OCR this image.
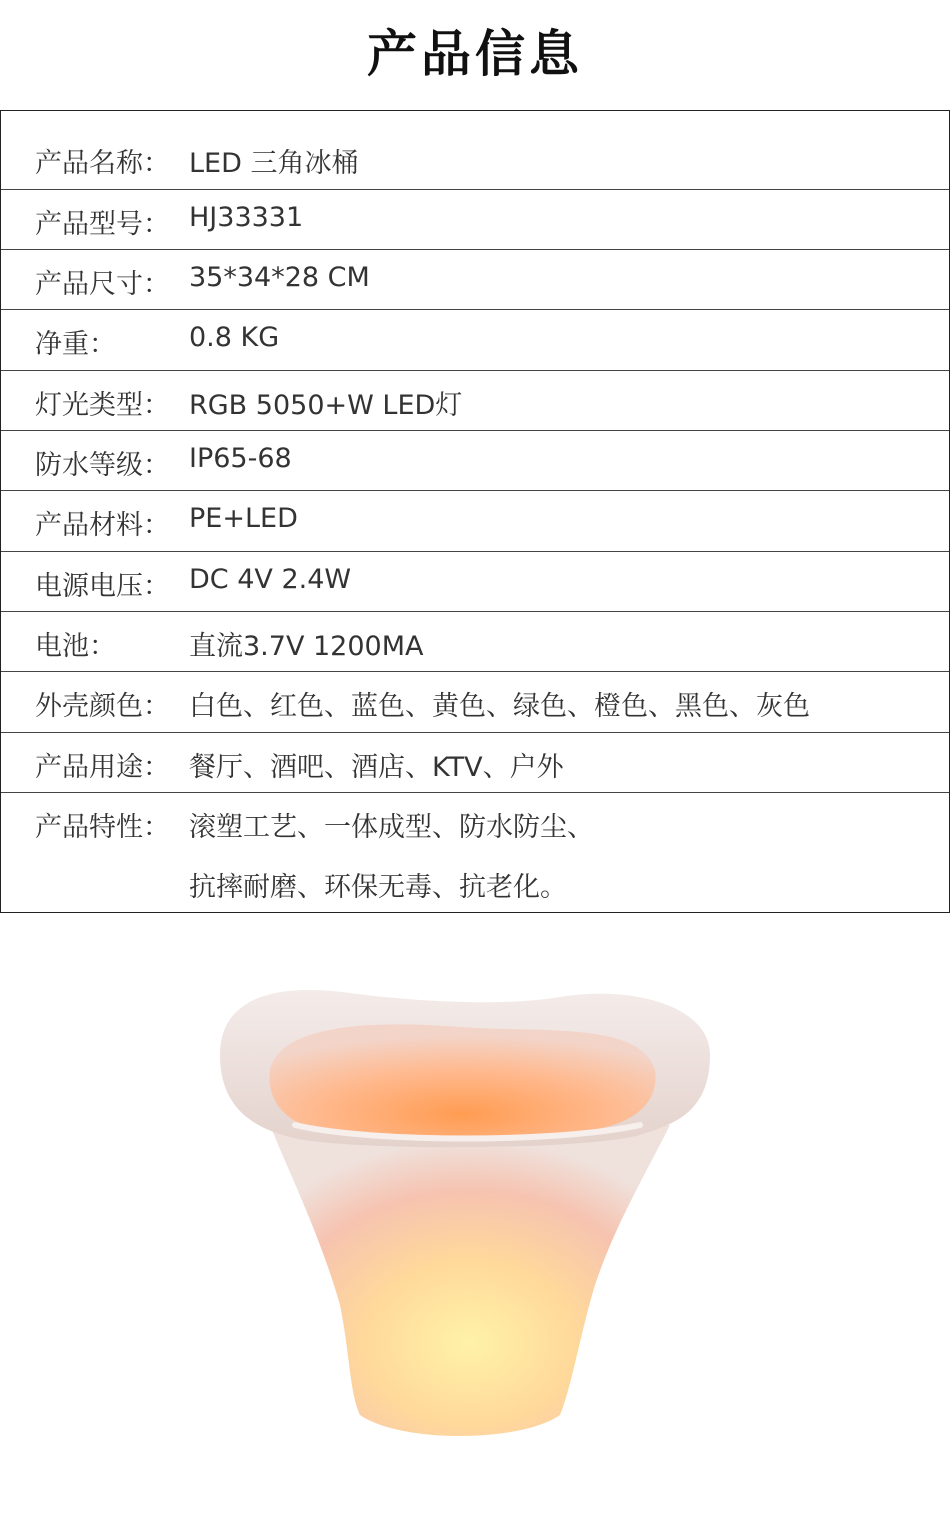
产品信息
产品名称： LED 三角冰桶
产品型号： HJ33331
产品尺寸： 35*34*28 CM
净重：	0.8 KG
灯光类型： RGB 5050+W LED灯
防水等级： IP65-68
产品材料： PE+LED
电源电压： DC 4V 2.4W
电池：	直流3.7V 1200MA
外壳颜色： 白色、红色、蓝色、黄色、绿色、橙色、黑色、灰色
产品用途： 餐厅、酒吧、酒店、KTV、户外
产品特性： 滚塑工艺、一体成型、防水防尘、
抗摔耐磨、环保无毒、抗老化。
